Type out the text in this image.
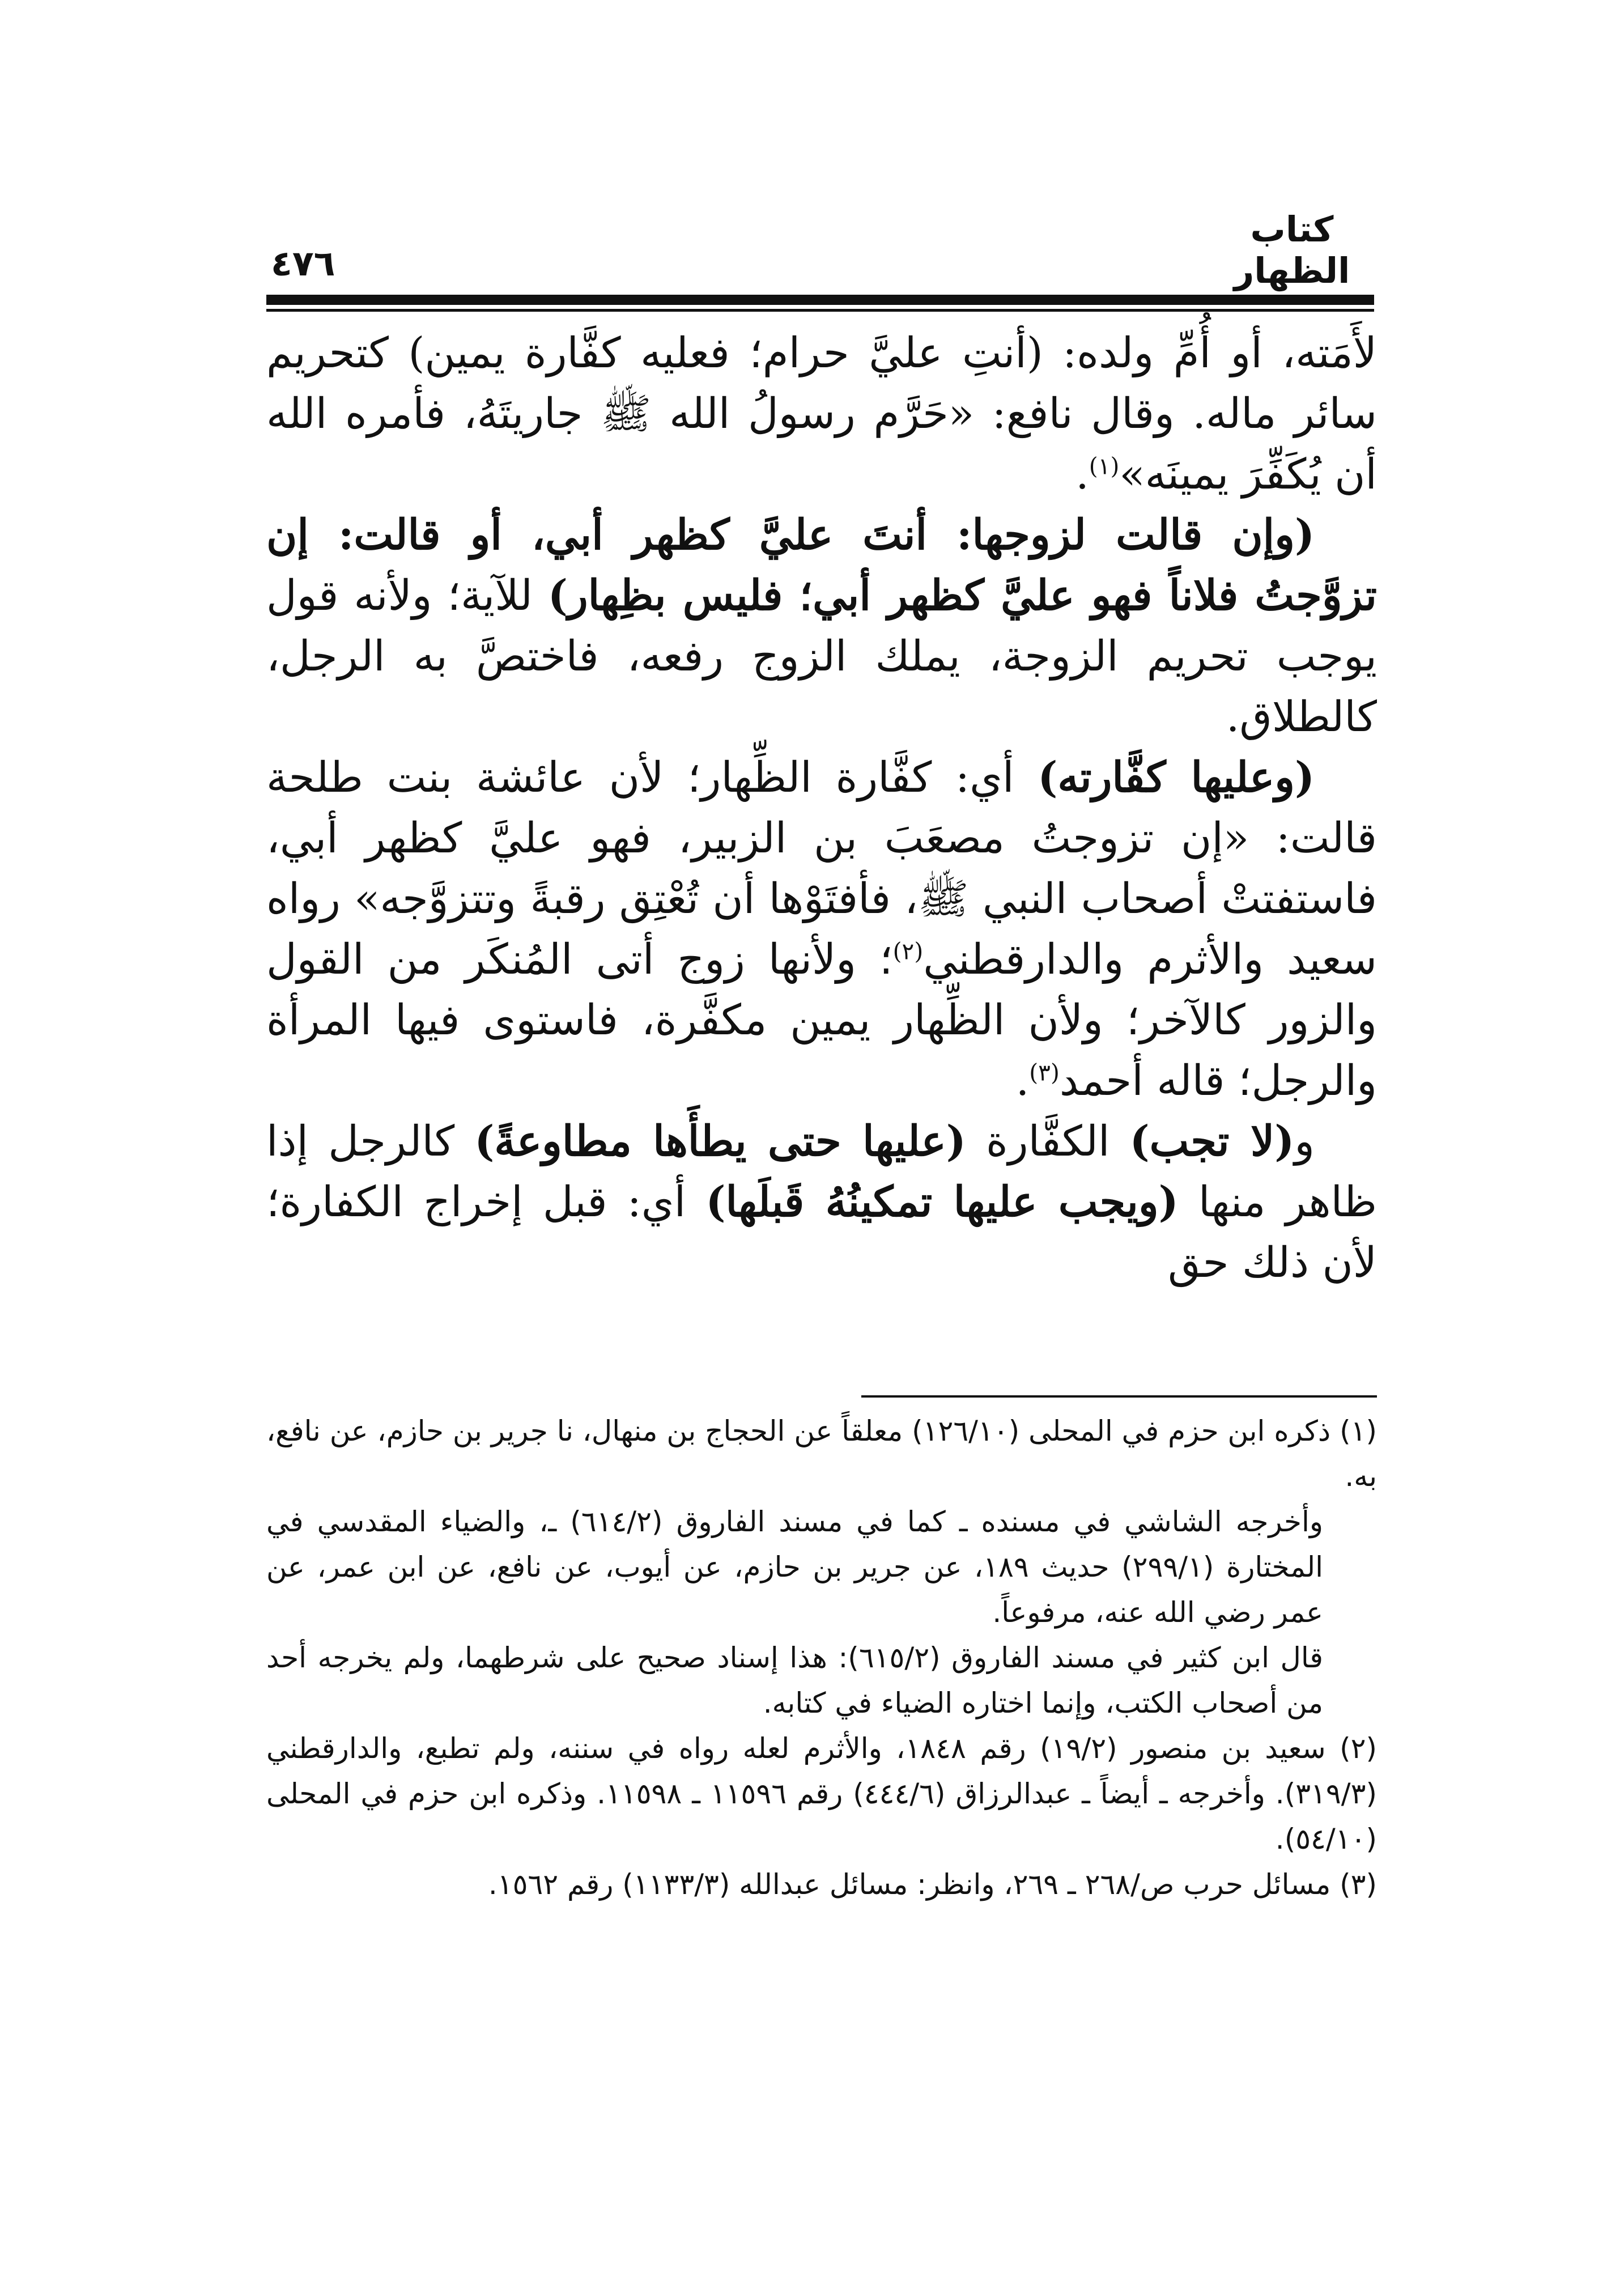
كتاب الظهار
٤٧٦

لأَمَته، أو أُمِّ ولده: (أنتِ عليَّ حرام؛ فعليه كفَّارة يمين) كتحريم سائر ماله. وقال نافع: «حَرَّم رسولُ الله ﷺ جاريتَهُ، فأمره الله أن يُكَفِّرَ يمينَه»$^{(١)}$.

(وإن قالت لزوجها: أنتَ عليَّ كظهر أبي، أو قالت: إن تزوَّجتُ فلاناً فهو عليَّ كظهر أبي؛ فليس بظِهار) للآية؛ ولأنه قول يوجب تحريم الزوجة، يملك الزوج رفعه، فاختصَّ به الرجل، كالطلاق.

(وعليها كفَّارته) أي: كفَّارة الظِّهار؛ لأن عائشة بنت طلحة قالت: «إن تزوجتُ مصعَبَ بن الزبير، فهو عليَّ كظهر أبي، فاستفتتْ أصحاب النبي ﷺ، فأفتَوْها أن تُعْتِق رقبةً وتتزوَّجه» رواه سعيد والأثرم والدارقطني$^{(٢)}$؛ ولأنها زوج أتى المُنكَر من القول والزور كالآخر؛ ولأن الظِّهار يمين مكفَّرة، فاستوى فيها المرأة والرجل؛ قاله أحمد$^{(٣)}$.

و(لا تجب) الكفَّارة (عليها حتى يطأَها مطاوعةً) كالرجل إذا ظاهر منها (ويجب عليها تمكينُهُ قَبلَها) أي: قبل إخراج الكفارة؛ لأن ذلك حق

(١) ذكره ابن حزم في المحلى (١٢٦/١٠) معلقاً عن الحجاج بن منهال، نا جرير بن حازم، عن نافع، به.

وأخرجه الشاشي في مسنده ـ كما في مسند الفاروق (٦١٤/٢) ـ، والضياء المقدسي في المختارة (٢٩٩/١) حديث ١٨٩، عن جرير بن حازم، عن أيوب، عن نافع، عن ابن عمر، عن عمر رضي الله عنه، مرفوعاً.

قال ابن كثير في مسند الفاروق (٦١٥/٢): هذا إسناد صحيح على شرطهما، ولم يخرجه أحد من أصحاب الكتب، وإنما اختاره الضياء في كتابه.

(٢) سعيد بن منصور (١٩/٢) رقم ١٨٤٨، والأثرم لعله رواه في سننه، ولم تطبع، والدارقطني (٣١٩/٣). وأخرجه ـ أيضاً ـ عبدالرزاق (٤٤٤/٦) رقم ١١٥٩٦ ـ ١١٥٩٨. وذكره ابن حزم في المحلى (٥٤/١٠).

(٣) مسائل حرب ص/٢٦٨ ـ ٢٦٩، وانظر: مسائل عبدالله (١١٣٣/٣) رقم ١٥٦٢.
